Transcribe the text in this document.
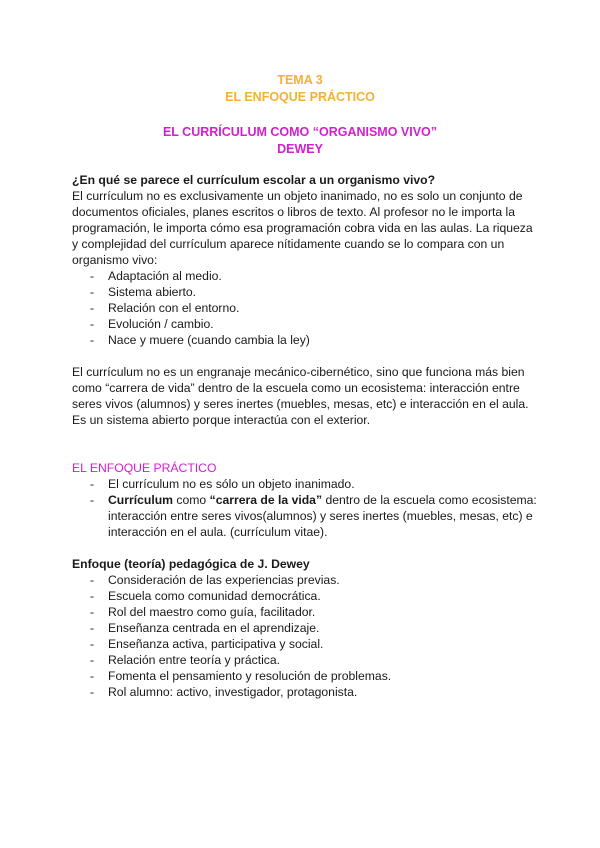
TEMA 3
EL ENFOQUE PRÁCTICO
EL CURRÍCULUM COMO “ORGANISMO VIVO”
DEWEY

¿En qué se parece el currículum escolar a un organismo vivo?

El currículum no es exclusivamente un objeto inanimado, no es solo un conjunto de documentos oficiales, planes escritos o libros de texto. Al profesor no le importa la programación, le importa cómo esa programación cobra vida en las aulas. La riqueza y complejidad del currículum aparece nítidamente cuando se lo compara con un organismo vivo:

- Adaptación al medio.
- Sistema abierto.
- Relación con el entorno.
- Evolución / cambio.
- Nace y muere (cuando cambia la ley)

El currículum no es un engranaje mecánico-cibernético, sino que funciona más bien como “carrera de vida” dentro de la escuela como un ecosistema: interacción entre seres vivos (alumnos) y seres inertes (muebles, mesas, etc) e interacción en el aula. Es un sistema abierto porque interactúa con el exterior.

EL ENFOQUE PRÁCTICO

- El currículum no es sólo un objeto inanimado.
- Currículum como “carrera de la vida” dentro de la escuela como ecosistema: interacción entre seres vivos(alumnos) y seres inertes (muebles, mesas, etc) e interacción en el aula. (currículum vitae).

Enfoque (teoría) pedagógica de J. Dewey

- Consideración de las experiencias previas.
- Escuela como comunidad democrática.
- Rol del maestro como guía, facilitador.
- Enseñanza centrada en el aprendizaje.
- Enseñanza activa, participativa y social.
- Relación entre teoría y práctica.
- Fomenta el pensamiento y resolución de problemas.
- Rol alumno: activo, investigador, protagonista.
